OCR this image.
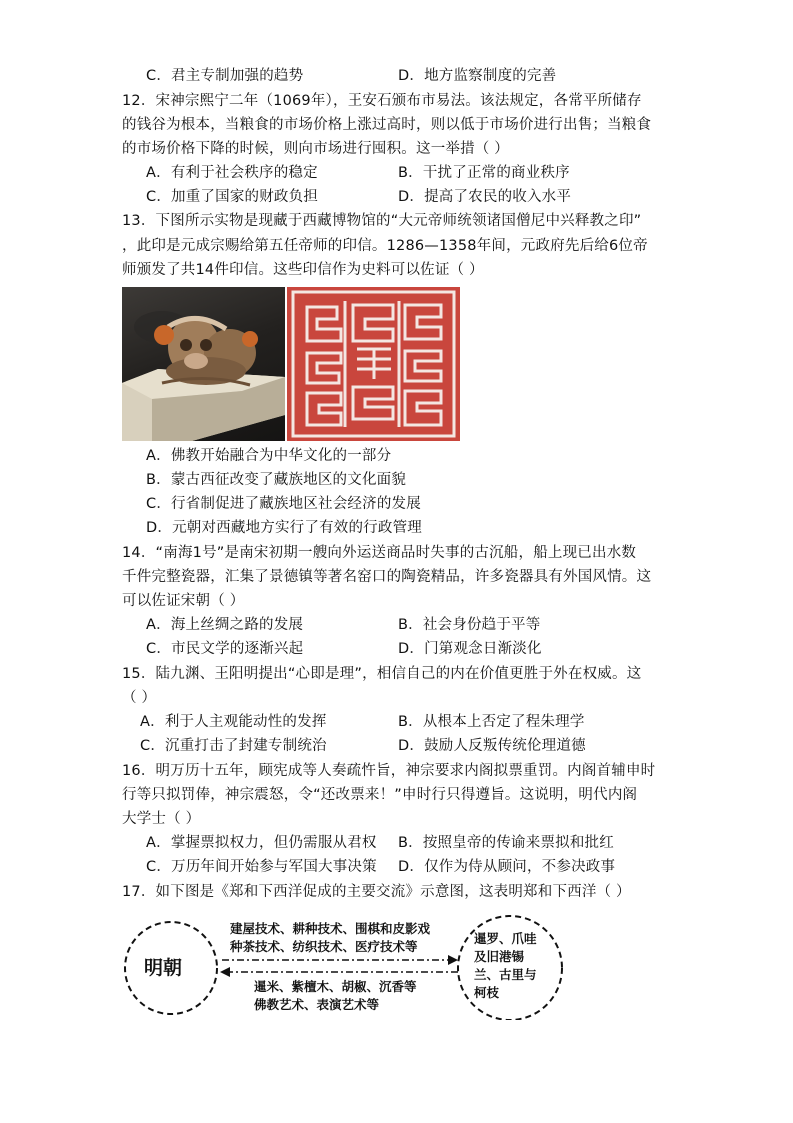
C．君主专制加强的趋势	D．地方监察制度的完善
12．宋神宗熙宁二年（1069年），王安石颁布市易法。该法规定，各常平所储存
的钱谷为根本，当粮食的市场价格上涨过高时，则以低于市场价进行出售；当粮食
的市场价格下降的时候，则向市场进行囤积。这一举措（ ）
A．有利于社会秩序的稳定	B．干扰了正常的商业秩序
C．加重了国家的财政负担	D．提高了农民的收入水平
13．下图所示实物是现藏于西藏博物馆的“大元帝师统领诸国僧尼中兴释教之印”
，此印是元成宗赐给第五任帝师的印信。1286—1358年间，元政府先后给6位帝
师颁发了共14件印信。这些印信作为史料可以佐证（ ）
A．佛教开始融合为中华文化的一部分
B．蒙古西征改变了藏族地区的文化面貌
C．行省制促进了藏族地区社会经济的发展
D．元朝对西藏地方实行了有效的行政管理
14．“南海1号”是南宋初期一艘向外运送商品时失事的古沉船，船上现已出水数
千件完整瓷器，汇集了景德镇等著名窑口的陶瓷精品，许多瓷器具有外国风情。这
可以佐证宋朝（ ）
A．海上丝绸之路的发展	B．社会身份趋于平等
C．市民文学的逐渐兴起	D．门第观念日渐淡化
15．陆九渊、王阳明提出“心即是理”，相信自己的内在价值更胜于外在权威。这
（ ）
A．利于人主观能动性的发挥	B．从根本上否定了程朱理学
C．沉重打击了封建专制统治	D．鼓励人反叛传统伦理道德
16．明万历十五年，顾宪成等人奏疏忤旨，神宗要求内阁拟票重罚。内阁首辅申时
行等只拟罚俸，神宗震怒，令“还改票来！”申时行只得遵旨。这说明，明代内阁
大学士（ ）
A．掌握票拟权力，但仍需服从君权 B．按照皇帝的传谕来票拟和批红
C．万历年间开始参与军国大事决策 D．仅作为侍从顾问，不参决政事
17．如下图是《郑和下西洋促成的主要交流》示意图，这表明郑和下西洋（ ）
明朝
建屋技术、耕种技术、围棋和皮影戏
种茶技术、纺织技术、医疗技术等
暹米、紫檀木、胡椒、沉香等
佛教艺术、表演艺术等
暹罗、爪哇
及旧港锡
兰、古里与
柯枝
